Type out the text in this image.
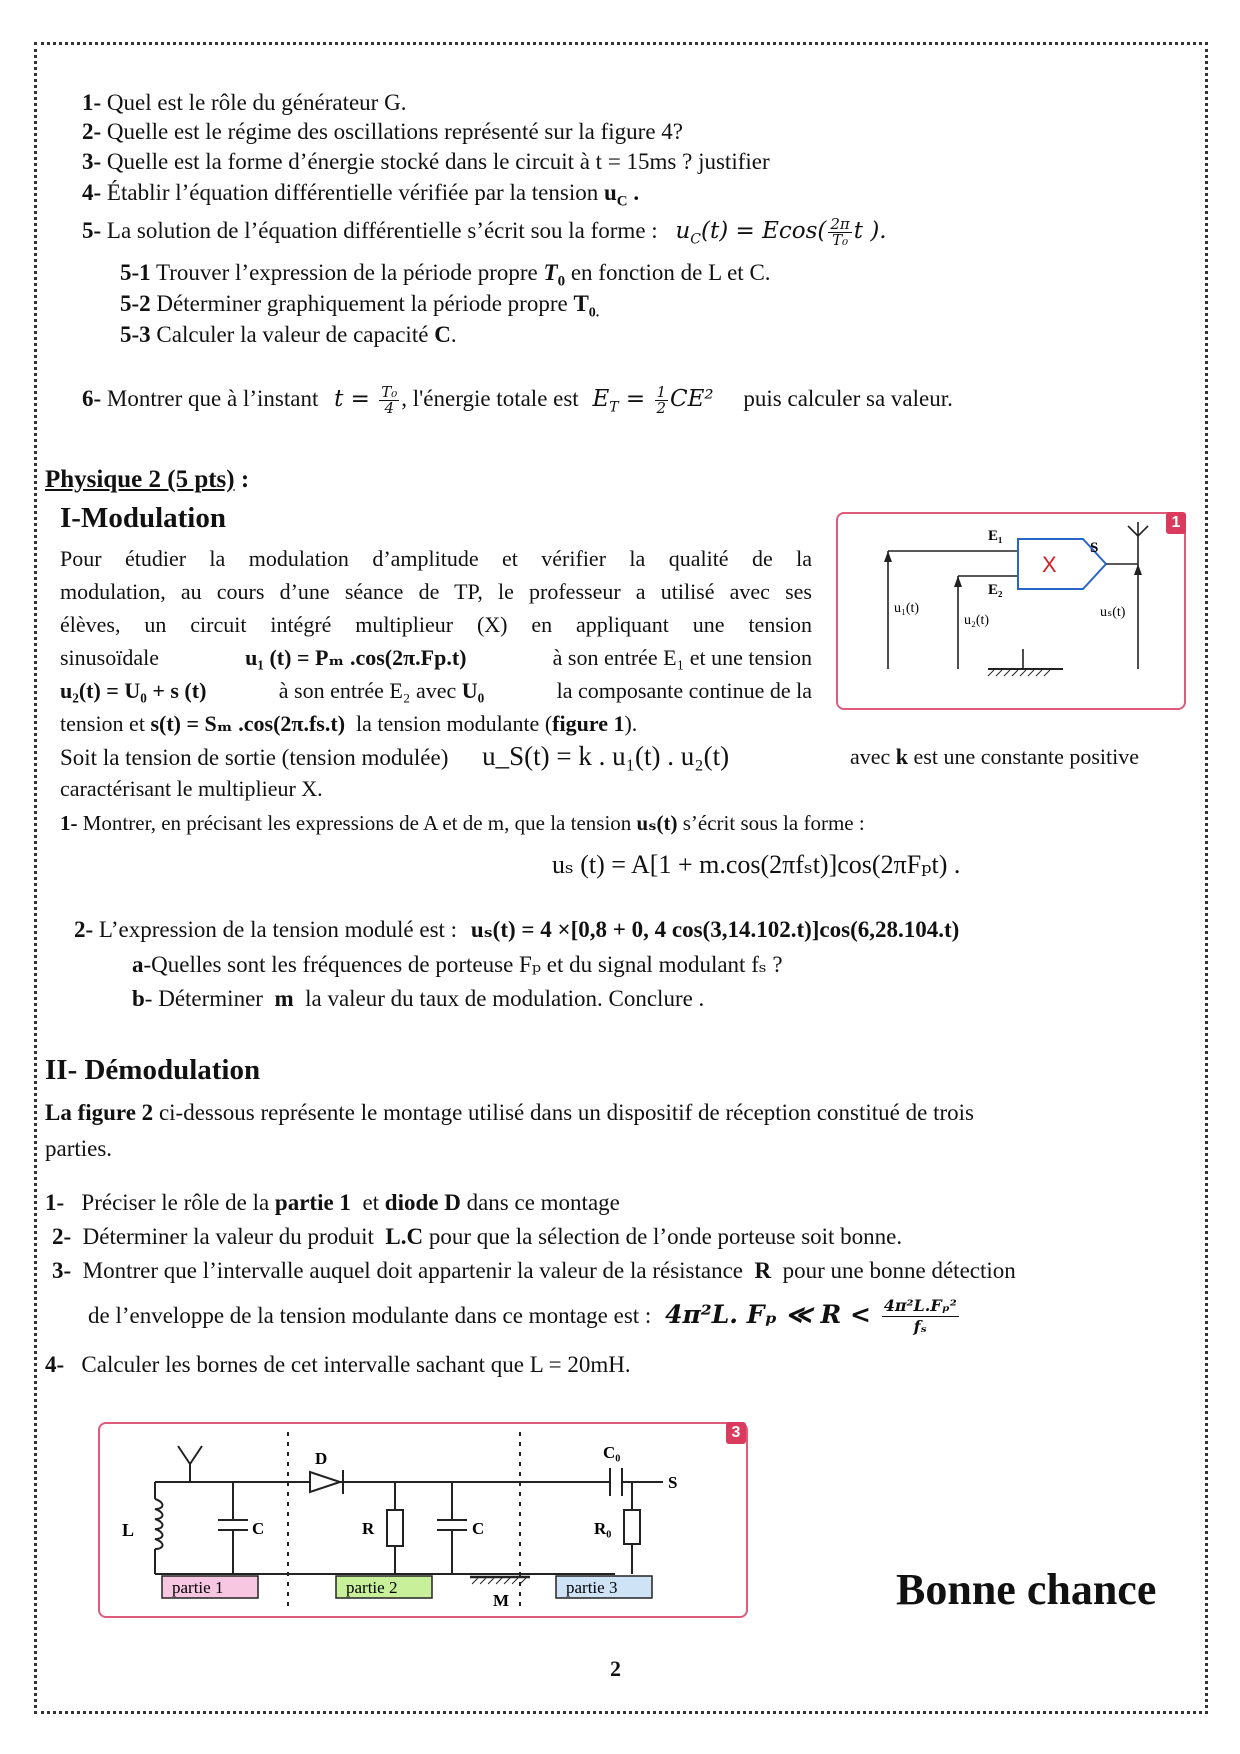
1- Quel est le rôle du générateur G.
2- Quelle est le régime des oscillations représenté sur la figure 4?
3- Quelle est la forme d’énergie stocké dans le circuit à t = 15ms ? justifier
4- Établir l’équation différentielle vérifiée par la tension $u_C$ .
5- La solution de l’équation différentielle s’écrit sou la forme : $u_C(t) = Ecos( \frac{2\pi}{\text{T₀}}$ t ).
5-1 Trouver l’expression de la période propre $T_0$ en fonction de L et C.
5-2 Déterminer graphiquement la période propre $T_{0.}$
5-3 Calculer la valeur de capacité C.
6- Montrer que à l’instant $t = \frac{\text{T₀}}{4}$ , l'énergie totale est $E_T = \frac{1}{2} CE^2$ puis calculer sa valeur.
Physique 2 (5 pts) :
I-Modulation
Pour étudier la modulation d’amplitude et vérifier la qualité de la
modulation, au cours d’une séance de TP, le professeur a utilisé avec ses
élèves, un circuit intégré multiplieur (X) en appliquant une tension
sinusoïdale	u₁ (t) = Pₘ .cos(2π.Fp.t)	à son entrée E₁ et une tension
u₂(t) = U₀ + s (t)	à son entrée E₂ avec U₀	la composante continue de la
tension et s(t) = Sₘ .cos(2π.fs.t) la tension modulante (figure 1).
Soit la tension de sortie (tension modulée) u_S(t) = k . u₁(t) . u₂(t)	avec k est une constante positive
caractérisant le multiplieur X.
1- Montrer, en précisant les expressions de A et de m, que la tension uₛ(t) s’écrit sous la forme :
uₛ (t) = A[1 + m.cos(2πfₛt)]cos(2πFₚt) .
2- L’expression de la tension modulé est : uₛ(t) = 4 ×[0,8 + 0, 4 cos(3,14.102.t)]cos(6,28.104.t)
a-Quelles sont les fréquences de porteuse Fₚ et du signal modulant fₛ ?
b- Déterminer m la valeur du taux de modulation. Conclure .
II- Démodulation
La figure 2 ci-dessous représente le montage utilisé dans un dispositif de réception constitué de trois
parties.
1- Préciser le rôle de la partie 1 et diode D dans ce montage
2- Déterminer la valeur du produit L.C pour que la sélection de l’onde porteuse soit bonne.
3- Montrer que l’intervalle auquel doit appartenir la valeur de la résistance R pour une bonne détection
de l’enveloppe de la tension modulante dans ce montage est : 4π²L. Fₚ ≪ $R < \frac{\text{4π²L.Fₚ²}}{\text{fₛ}}$
4- Calculer les bornes de cet intervalle sachant que L = 20mH.
1
E₁
E₂
X
S
u₁(t)
u₂(t)
uₛ(t)
3
L	C
D
R	C
C₀
R₀
S
M
partie 1	partie 2	partie 3	Bonne chance
2
